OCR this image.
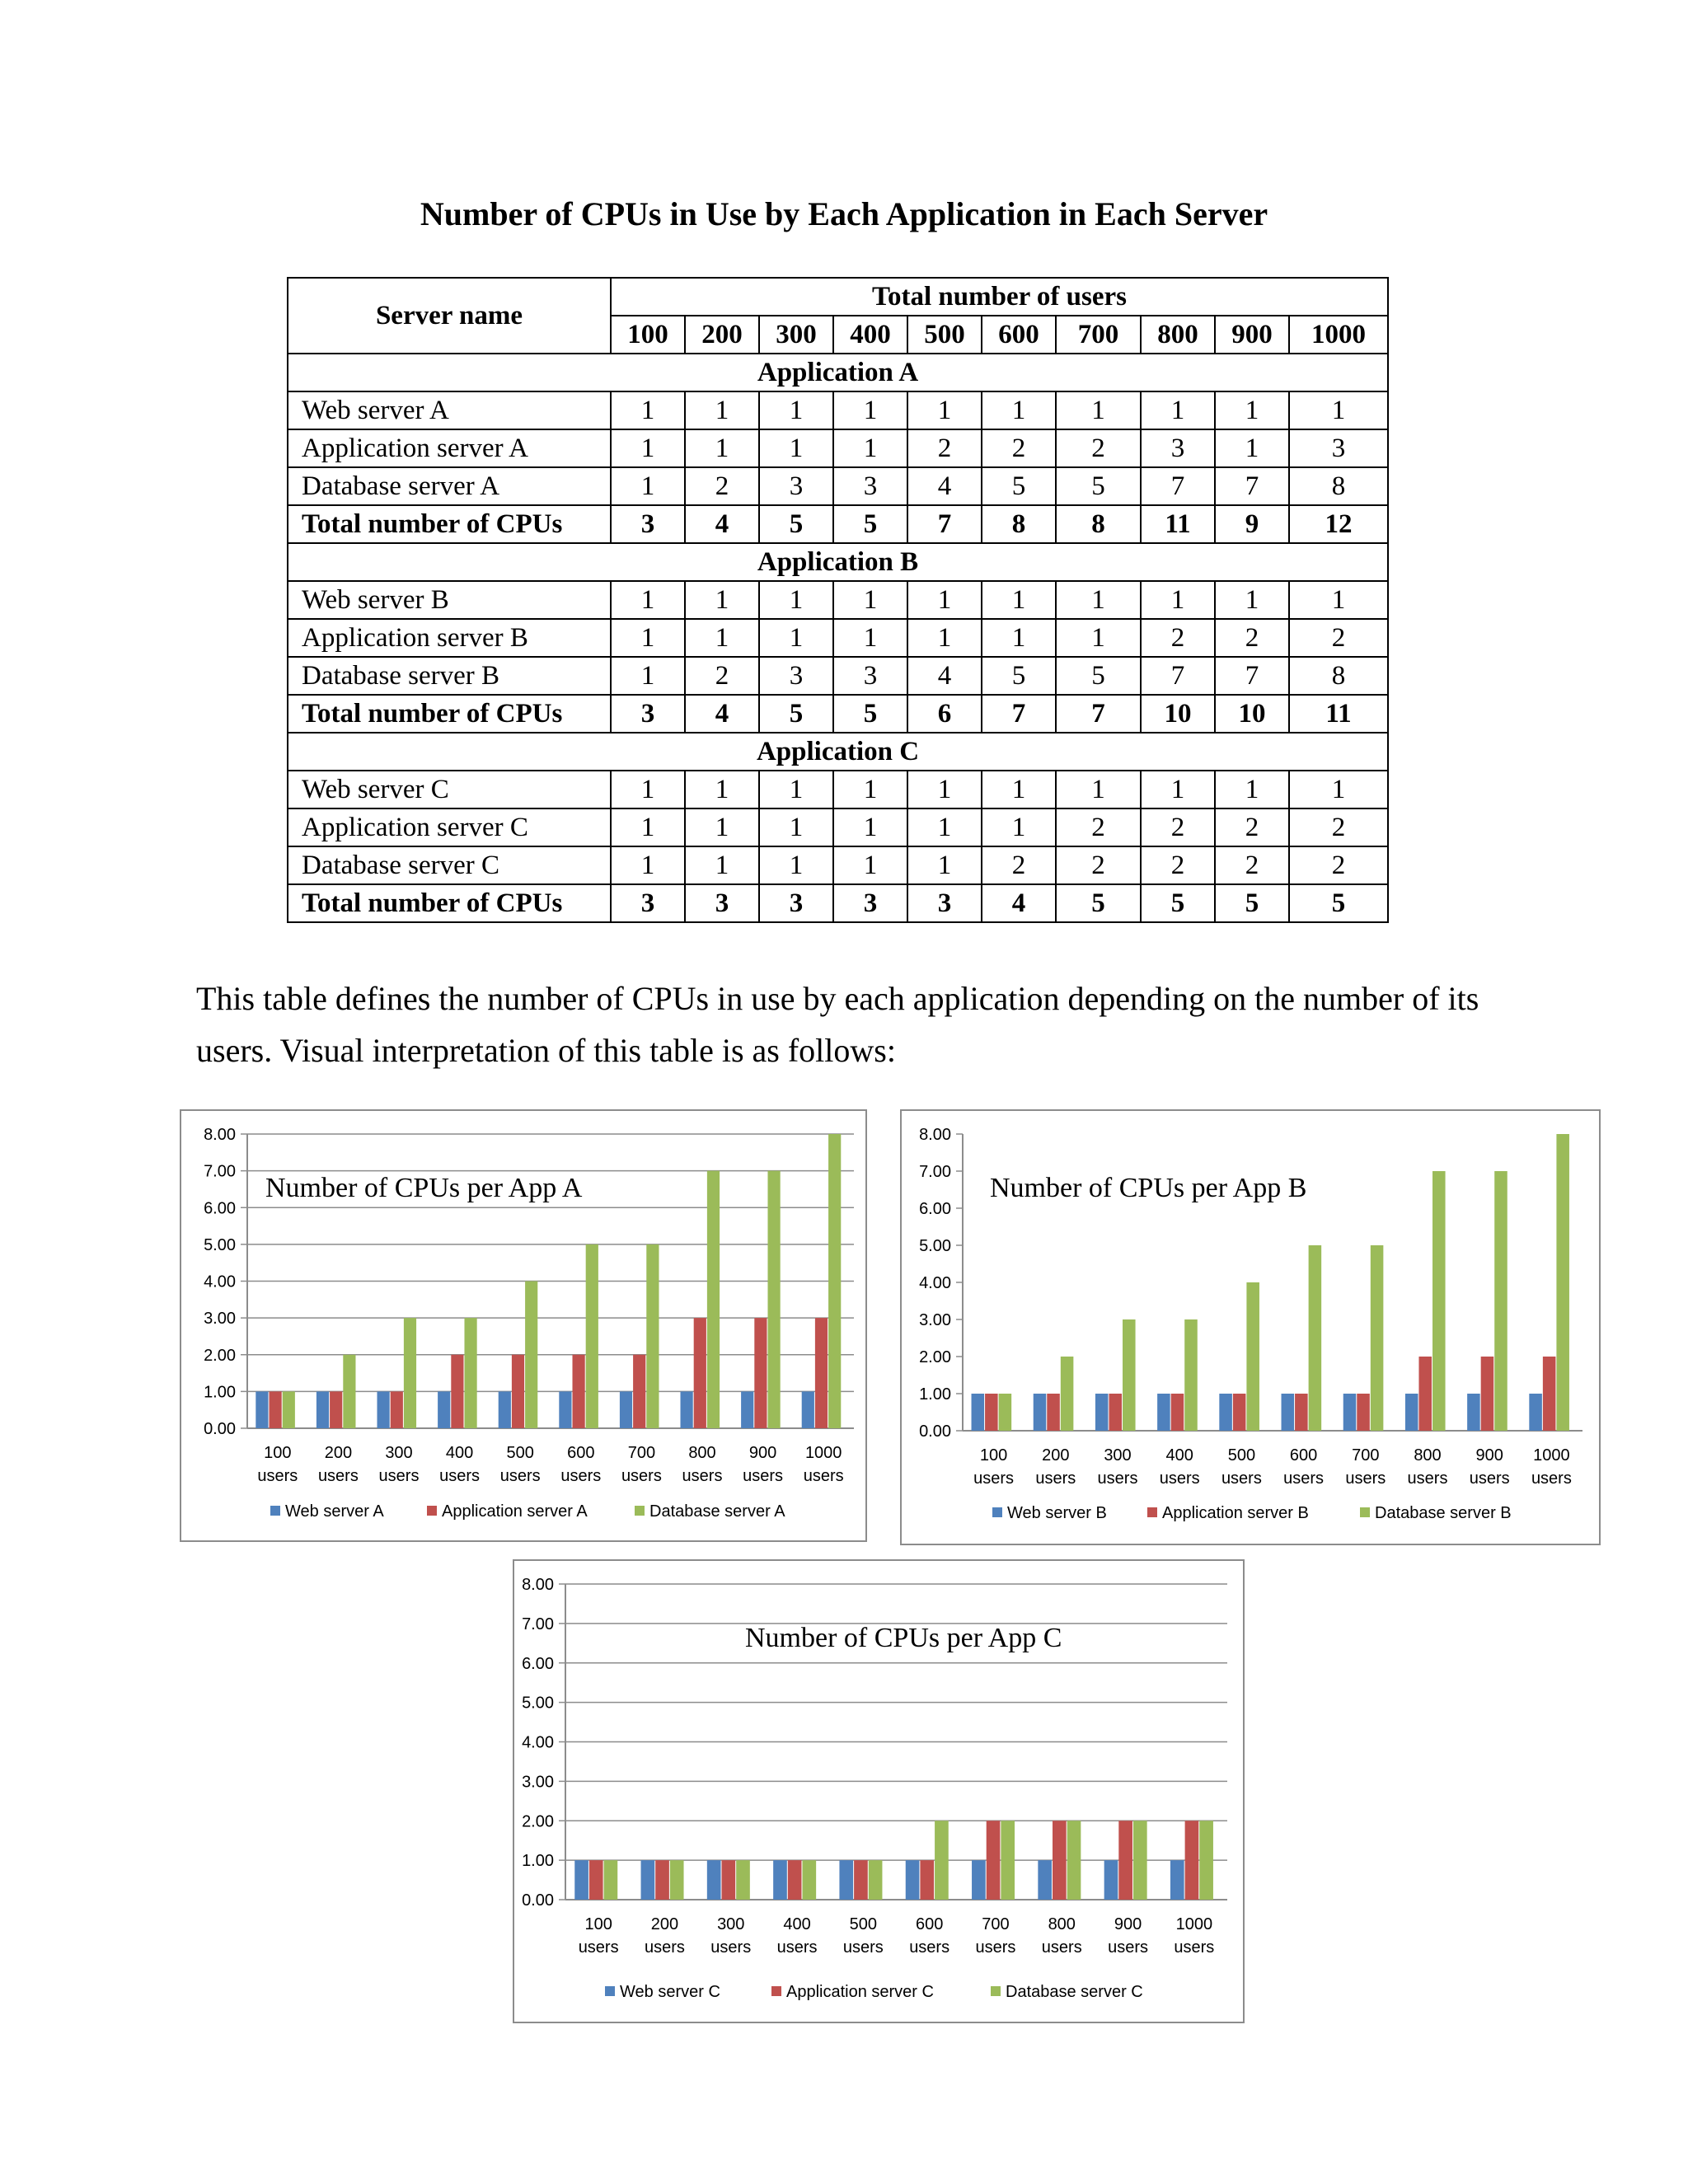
Number of CPUs in Use by Each Application in Each Server
Server name	Total number of users									
	100	200	300	400	500	600	700	800	900	1000
Application A										
Web server A	1	1	1	1	1	1	1	1	1	1
Application server A	1	1	1	1	2	2	2	3	1	3
Database server A	1	2	3	3	4	5	5	7	7	8
Total number of CPUs	3	4	5	5	7	8	8	11	9	12
Application B										
Web server B	1	1	1	1	1	1	1	1	1	1
Application server B	1	1	1	1	1	1	1	2	2	2
Database server B	1	2	3	3	4	5	5	7	7	8
Total number of CPUs	3	4	5	5	6	7	7	10	10	11
Application C										
Web server C	1	1	1	1	1	1	1	1	1	1
Application server C	1	1	1	1	1	1	2	2	2	2
Database server C	1	1	1	1	1	2	2	2	2	2
Total number of CPUs	3	3	3	3	3	4	5	5	5	5
This table defines the number of CPUs in use by each application depending on the number of its users. Visual interpretation of this table is as follows:
0.00
1.00
2.00
3.00
4.00
5.00
6.00
7.00
8.00
100
users
200
users
300
users
400
users
500
users
600
users
700
users
800
users
900
users
1000
users
Number of CPUs per App A
Web server A	Application server A	Database server A
0.00
1.00
2.00
3.00
4.00
5.00
6.00
7.00
8.00
100
users
200
users
300
users
400
users
500
users
600
users
700
users
800
users
900
users
1000
users
Number of CPUs per App B
Web server B	Application server B	Database server B
0.00
1.00
2.00
3.00
4.00
5.00
6.00
7.00
8.00
100
users
200
users
300
users
400
users
500
users
600
users
700
users
800
users
900
users
1000
users
Number of CPUs per App C
Web server C	Application server C	Database server C
